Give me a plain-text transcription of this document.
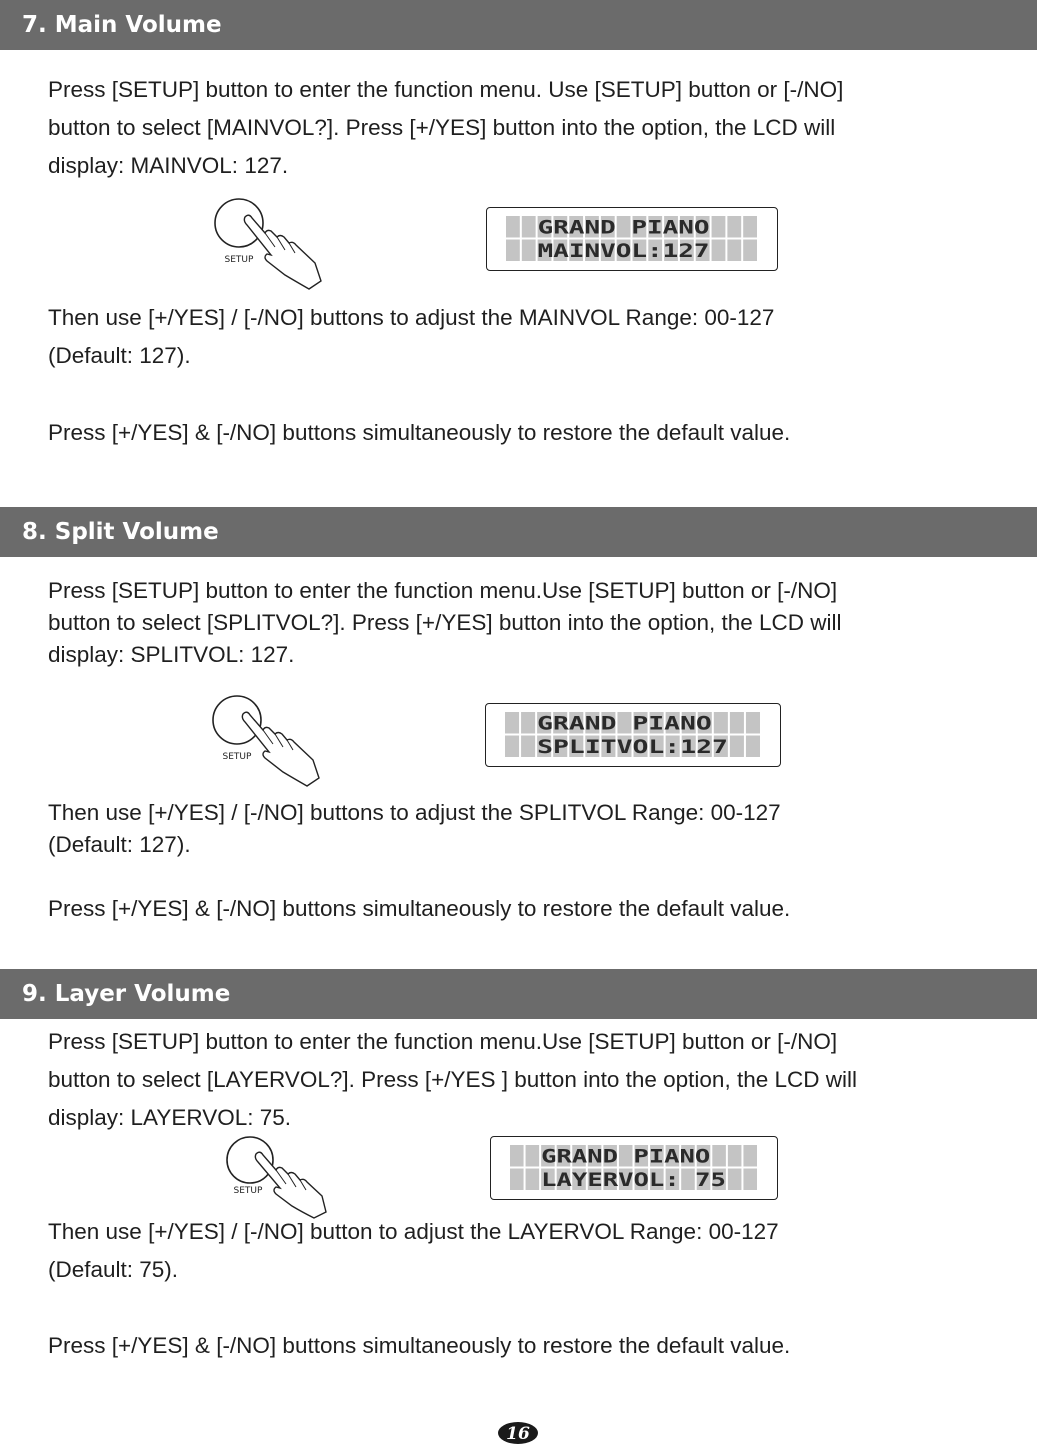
7. Main Volume

Press [SETUP] button to enter the function menu. Use [SETUP] button or [-/NO]
button to select [MAINVOL?]. Press [+/YES] button into the option, the LCD will
display: MAINVOL: 127.

SETUP
GRAND PIANO
MAINVOL:127

Then use [+/YES] / [-/NO] buttons to adjust the MAINVOL Range: 00-127
(Default: 127).

Press [+/YES] & [-/NO] buttons simultaneously to restore the default value.

8. Split Volume

Press [SETUP] button to enter the function menu.Use [SETUP] button or [-/NO]
button to select [SPLITVOL?]. Press [+/YES] button into the option, the LCD will
display: SPLITVOL: 127.

SETUP
GRAND PIANO
SPLITVOL:127

Then use [+/YES] / [-/NO] buttons to adjust the SPLITVOL Range: 00-127
(Default: 127).

Press [+/YES] & [-/NO] buttons simultaneously to restore the default value.

9. Layer Volume

Press [SETUP] button to enter the function menu.Use [SETUP] button or [-/NO]
button to select [LAYERVOL?]. Press [+/YES ] button into the option, the LCD will
display: LAYERVOL: 75.

SETUP
GRAND PIANO
LAYERVOL: 75

Then use [+/YES] / [-/NO] button to adjust the LAYERVOL Range: 00-127
(Default: 75).

Press [+/YES] & [-/NO] buttons simultaneously to restore the default value.

16
